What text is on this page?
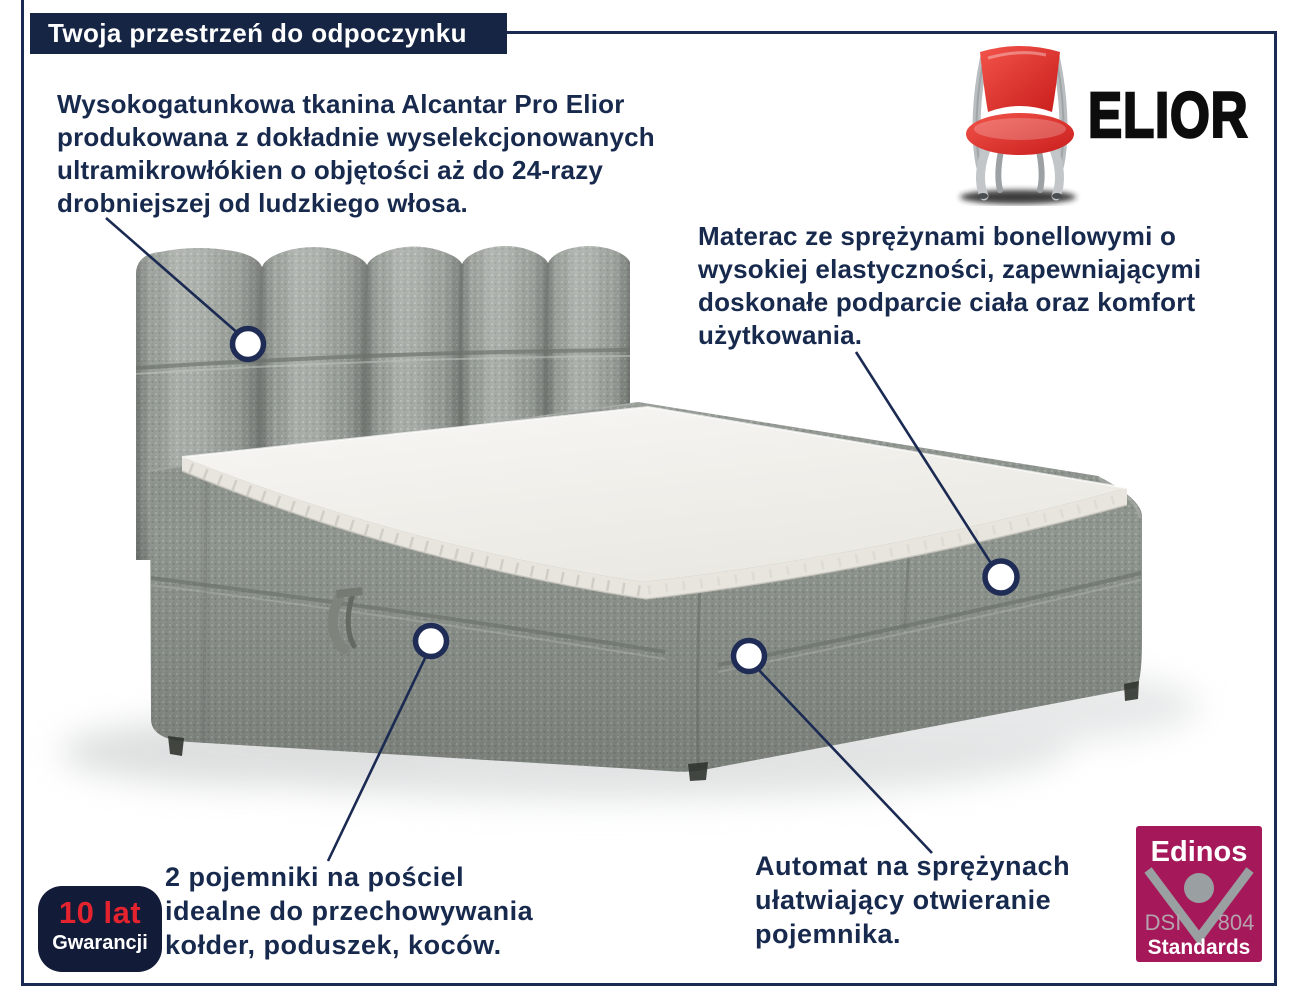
Twoja przestrzeń do odpoczynku
Wysokogatunkowa tkanina Alcantar Pro Elior
produkowana z dokładnie wyselekcjonowanych
ultramikrowłókien o objętości aż do 24-razy
drobniejszej od ludzkiego włosa.
Materac ze sprężynami bonellowymi o
wysokiej elastyczności, zapewniającymi
doskonałe podparcie ciała oraz komfort
użytkowania.
2 pojemniki na pościel
idealne do przechowywania
kołder, poduszek, koców.
Automat na sprężynach
ułatwiający otwieranie
pojemnika.
ELIOR
10 lat
Gwarancji
Edinos
DSI 804
Standards
